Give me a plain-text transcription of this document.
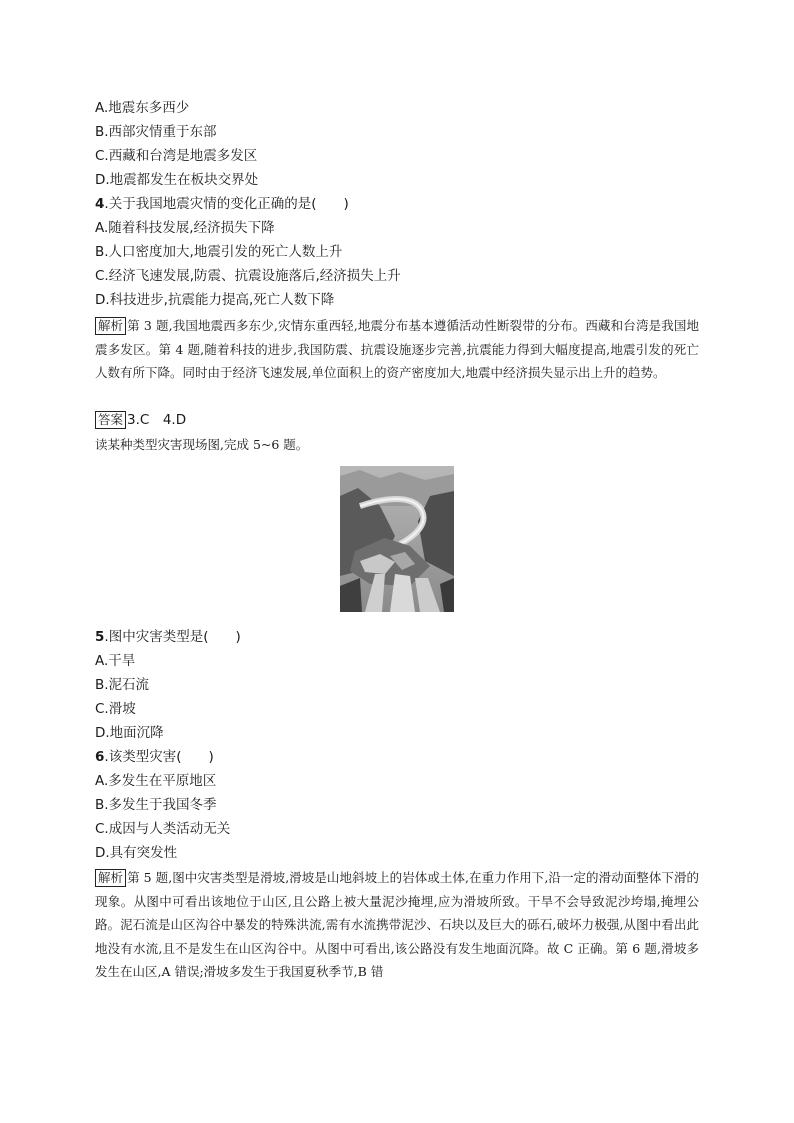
A.地震东多西少
B.西部灾情重于东部
C.西藏和台湾是地震多发区
D.地震都发生在板块交界处
4.关于我国地震灾情的变化正确的是(　　)
A.随着科技发展,经济损失下降
B.人口密度加大,地震引发的死亡人数上升
C.经济飞速发展,防震、抗震设施落后,经济损失上升
D.科技进步,抗震能力提高,死亡人数下降
解析 第 3 题,我国地震西多东少,灾情东重西轻,地震分布基本遵循活动性断裂带的分布。西藏和台湾是我国地震多发区。第 4 题,随着科技的进步,我国防震、抗震设施逐步完善,抗震能力得到大幅度提高,地震引发的死亡人数有所下降。同时由于经济飞速发展,单位面积上的资产密度加大,地震中经济损失显示出上升的趋势。
答案 3.C　4.D
读某种类型灾害现场图,完成 5~6 题。
5.图中灾害类型是(　　)
A.干旱
B.泥石流
C.滑坡
D.地面沉降
6.该类型灾害(　　)
A.多发生在平原地区
B.多发生于我国冬季
C.成因与人类活动无关
D.具有突发性
解析 第 5 题,图中灾害类型是滑坡,滑坡是山地斜坡上的岩体或土体,在重力作用下,沿一定的滑动面整体下滑的现象。从图中可看出该地位于山区,且公路上被大量泥沙掩埋,应为滑坡所致。干旱不会导致泥沙垮塌,掩埋公路。泥石流是山区沟谷中暴发的特殊洪流,需有水流携带泥沙、石块以及巨大的砾石,破坏力极强,从图中看出此地没有水流,且不是发生在山区沟谷中。从图中可看出,该公路没有发生地面沉降。故 C 正确。第 6 题,滑坡多发生在山区,A 错误;滑坡多发生于我国夏秋季节,B 错
